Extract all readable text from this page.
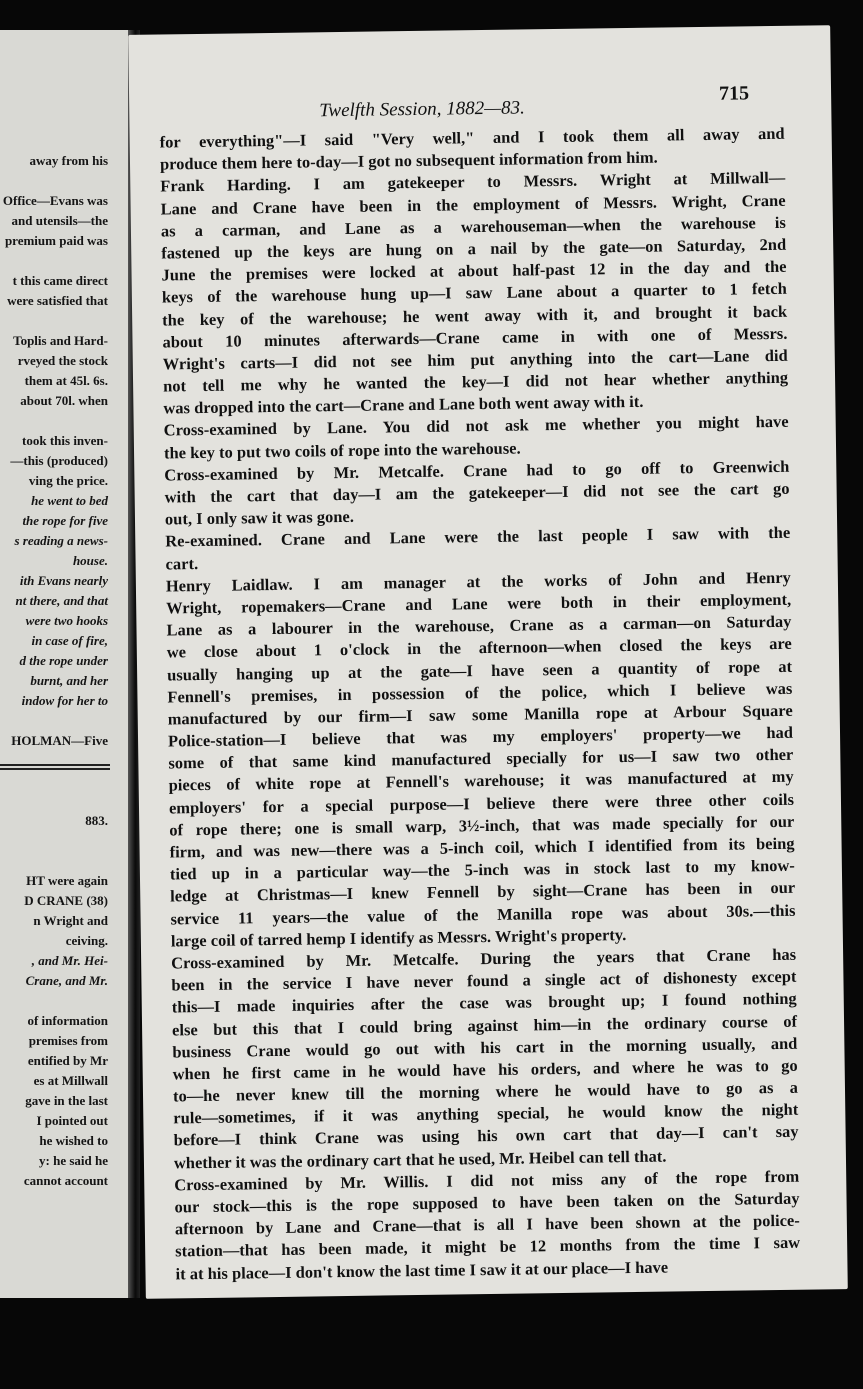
away from his
Office—Evans was
and utensils—the
premium paid was
t this came direct
were satisfied that
Toplis and Hard-
rveyed the stock
them at 45l. 6s.
about 70l. when
took this inven-
—this (produced)
ving the price.
he went to bed
the rope for five
s reading a news-
house.
ith Evans nearly
nt there, and that
were two hooks
in case of fire,
d the rope under
burnt, and her
indow for her to
HOLMAN—Five
883.
HT were again
D CRANE (38)
n Wright and
ceiving.
, and Mr. Hei-
Crane, and Mr.
of information
premises from
entified by Mr
es at Millwall
gave in the last
I pointed out
he wished to
y: he said he
cannot account
Twelfth Session, 1882—83.
715
for everything"—I said "Very well," and I took them all away and
produce them here to-day—I got no subsequent information from him.
Frank Harding. I am gatekeeper to Messrs. Wright at Millwall—
Lane and Crane have been in the employment of Messrs. Wright, Crane
as a carman, and Lane as a warehouseman—when the warehouse is
fastened up the keys are hung on a nail by the gate—on Saturday, 2nd
June the premises were locked at about half-past 12 in the day and the
keys of the warehouse hung up—I saw Lane about a quarter to 1 fetch
the key of the warehouse; he went away with it, and brought it back
about 10 minutes afterwards—Crane came in with one of Messrs.
Wright's carts—I did not see him put anything into the cart—Lane did
not tell me why he wanted the key—I did not hear whether anything
was dropped into the cart—Crane and Lane both went away with it.
Cross-examined by Lane. You did not ask me whether you might have
the key to put two coils of rope into the warehouse.
Cross-examined by Mr. Metcalfe. Crane had to go off to Greenwich
with the cart that day—I am the gatekeeper—I did not see the cart go
out, I only saw it was gone.
Re-examined. Crane and Lane were the last people I saw with the
cart.
Henry Laidlaw. I am manager at the works of John and Henry
Wright, ropemakers—Crane and Lane were both in their employment,
Lane as a labourer in the warehouse, Crane as a carman—on Saturday
we close about 1 o'clock in the afternoon—when closed the keys are
usually hanging up at the gate—I have seen a quantity of rope at
Fennell's premises, in possession of the police, which I believe was
manufactured by our firm—I saw some Manilla rope at Arbour Square
Police-station—I believe that was my employers' property—we had
some of that same kind manufactured specially for us—I saw two other
pieces of white rope at Fennell's warehouse; it was manufactured at my
employers' for a special purpose—I believe there were three other coils
of rope there; one is small warp, 3½-inch, that was made specially for our
firm, and was new—there was a 5-inch coil, which I identified from its being
tied up in a particular way—the 5-inch was in stock last to my know-
ledge at Christmas—I knew Fennell by sight—Crane has been in our
service 11 years—the value of the Manilla rope was about 30s.—this
large coil of tarred hemp I identify as Messrs. Wright's property.
Cross-examined by Mr. Metcalfe. During the years that Crane has
been in the service I have never found a single act of dishonesty except
this—I made inquiries after the case was brought up; I found nothing
else but this that I could bring against him—in the ordinary course of
business Crane would go out with his cart in the morning usually, and
when he first came in he would have his orders, and where he was to go
to—he never knew till the morning where he would have to go as a
rule—sometimes, if it was anything special, he would know the night
before—I think Crane was using his own cart that day—I can't say
whether it was the ordinary cart that he used, Mr. Heibel can tell that.
Cross-examined by Mr. Willis. I did not miss any of the rope from
our stock—this is the rope supposed to have been taken on the Saturday
afternoon by Lane and Crane—that is all I have been shown at the police-
station—that has been made, it might be 12 months from the time I saw
it at his place—I don't know the last time I saw it at our place—I have
